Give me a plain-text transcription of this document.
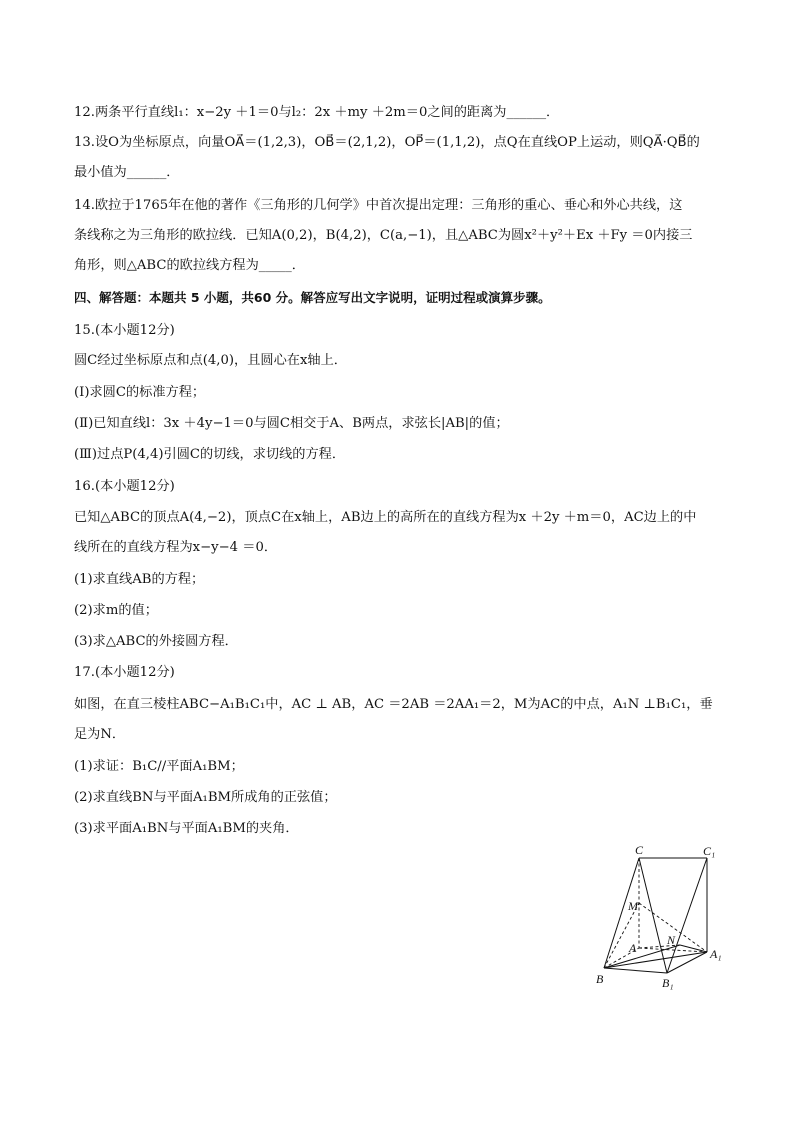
12.两条平行直线l₁：x−2y ＋1＝0与l₂：2x ＋my ＋2m＝0之间的距离为______．
13.设O为坐标原点，向量OA⃗＝(1,2,3)，OB⃗＝(2,1,2)，OP⃗＝(1,1,2)，点Q在直线OP上运动，则QA⃗·QB⃗的
最小值为______．
14.欧拉于1765年在他的著作《三角形的几何学》中首次提出定理：三角形的重心、垂心和外心共线，这
条线称之为三角形的欧拉线．已知A(0,2)，B(4,2)，C(a,−1)，且△ABC为圆x²＋y²＋Ex ＋Fy ＝0内接三
角形，则△ABC的欧拉线方程为_____．
四、解答题：本题共 5 小题，共60 分。解答应写出文字说明，证明过程或演算步骤。
15.(本小题12分)
圆C经过坐标原点和点(4,0)，且圆心在x轴上．
(Ⅰ)求圆C的标准方程；
(Ⅱ)已知直线l：3x ＋4y−1＝0与圆C相交于A、B两点，求弦长|AB|的值；
(Ⅲ)过点P(4,4)引圆C的切线，求切线的方程．
16.(本小题12分)
已知△ABC的顶点A(4,−2)，顶点C在x轴上，AB边上的高所在的直线方程为x ＋2y ＋m＝0，AC边上的中
线所在的直线方程为x−y−4 ＝0．
(1)求直线AB的方程；
(2)求m的值；
(3)求△ABC的外接圆方程．
17.(本小题12分)
如图，在直三棱柱ABC−A₁B₁C₁中，AC ⊥ AB，AC ＝2AB ＝2AA₁＝2，M为AC的中点，A₁N ⊥B₁C₁，垂
足为N．
(1)求证：B₁C//平面A₁BM；
(2)求直线BN与平面A₁BM所成角的正弦值；
(3)求平面A₁BN与平面A₁BM的夹角．
C	C₁
M
A
N
A₁
B	B₁
